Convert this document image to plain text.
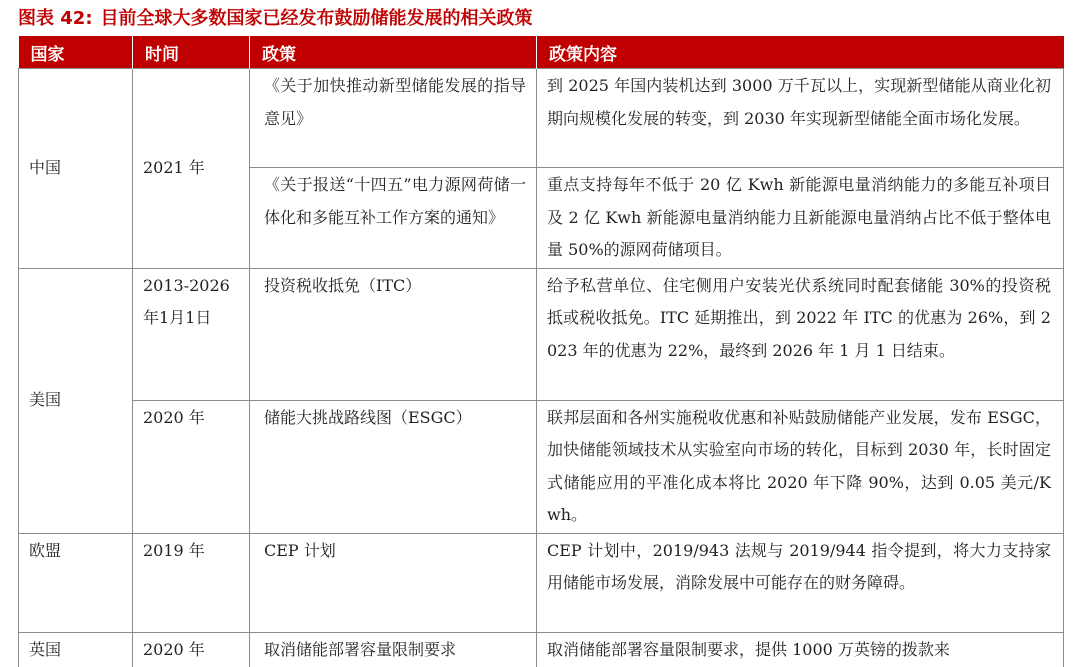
图表 42: 目前全球大多数国家已经发布鼓励储能发展的相关政策
国家	时间	政策	政策内容
中国	2021 年	《关于加快推动新型储能发展的指导意见》	到 2025 年国内装机达到 3000 万千瓦以上，实现新型储能从商业化初期向规模化发展的转变，到 2030 年实现新型储能全面市场化发展。
		《关于报送“十四五”电力源网荷储一体化和多能互补工作方案的通知》	重点支持每年不低于 20 亿 Kwh 新能源电量消纳能力的多能互补项目及 2 亿 Kwh 新能源电量消纳能力且新能源电量消纳占比不低于整体电量 50%的源网荷储项目。
美国	2013-2026 年1月1日	投资税收抵免（ITC）	给予私营单位、住宅侧用户安装光伏系统同时配套储能 30%的投资税抵或税收抵免。ITC 延期推出，到 2022 年 ITC 的优惠为 26%，到 2023 年的优惠为 22%，最终到 2026 年 1 月 1 日结束。
	2020 年	储能大挑战路线图（ESGC）	联邦层面和各州实施税收优惠和补贴鼓励储能产业发展，发布 ESGC，加快储能领域技术从实验室向市场的转化，目标到 2030 年，长时固定式储能应用的平准化成本将比 2020 年下降 90%，达到 0.05 美元/Kwh。
欧盟	2019 年	CEP 计划	CEP 计划中，2019/943 法规与 2019/944 指令提到，将大力支持家用储能市场发展，消除发展中可能存在的财务障碍。
英国	2020 年	取消储能部署容量限制要求	取消储能部署容量限制要求，提供 1000 万英镑的拨款来
